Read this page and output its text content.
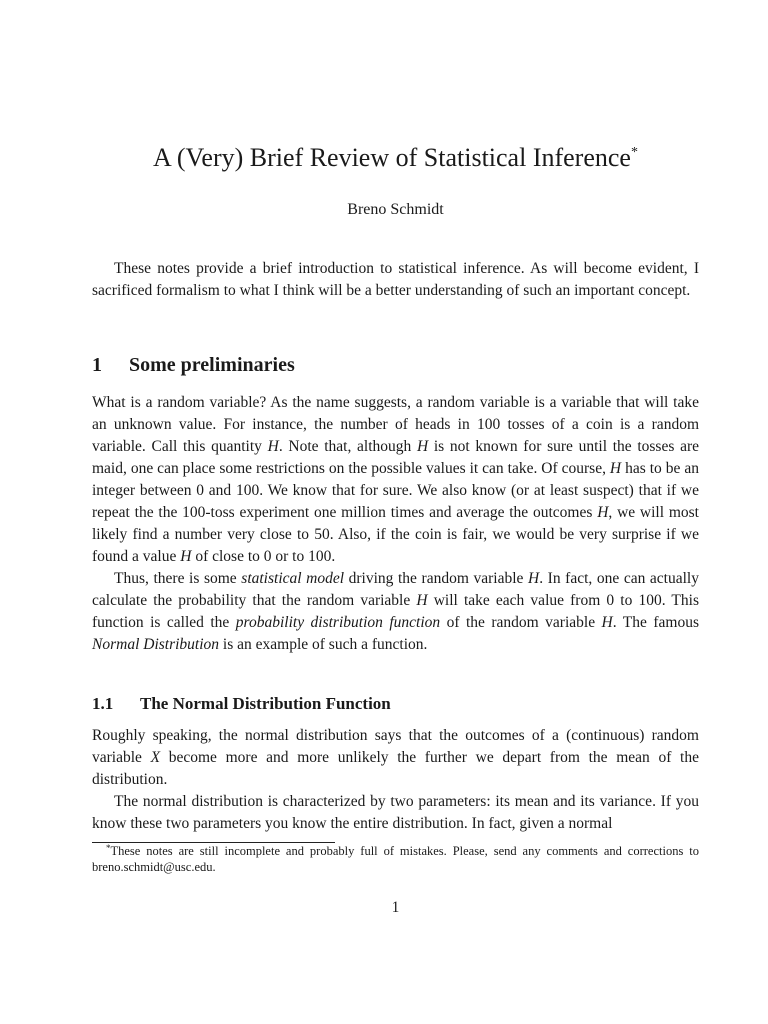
A (Very) Brief Review of Statistical Inference*
Breno Schmidt

These notes provide a brief introduction to statistical inference. As will become evident, I sacrificed formalism to what I think will be a better understanding of such an important concept.

1 Some preliminaries

What is a random variable? As the name suggests, a random variable is a variable that will take an unknown value. For instance, the number of heads in 100 tosses of a coin is a random variable. Call this quantity H. Note that, although H is not known for sure until the tosses are maid, one can place some restrictions on the possible values it can take. Of course, H has to be an integer between 0 and 100. We know that for sure. We also know (or at least suspect) that if we repeat the the 100-toss experiment one million times and average the outcomes H, we will most likely find a number very close to 50. Also, if the coin is fair, we would be very surprise if we found a value H of close to 0 or to 100.

Thus, there is some statistical model driving the random variable H. In fact, one can actually calculate the probability that the random variable H will take each value from 0 to 100. This function is called the probability distribution function of the random variable H. The famous Normal Distribution is an example of such a function.

1.1 The Normal Distribution Function

Roughly speaking, the normal distribution says that the outcomes of a (continuous) random variable X become more and more unlikely the further we depart from the mean of the distribution.

The normal distribution is characterized by two parameters: its mean and its variance. If you know these two parameters you know the entire distribution. In fact, given a normal

*These notes are still incomplete and probably full of mistakes. Please, send any comments and corrections to breno.schmidt@usc.edu.

1
